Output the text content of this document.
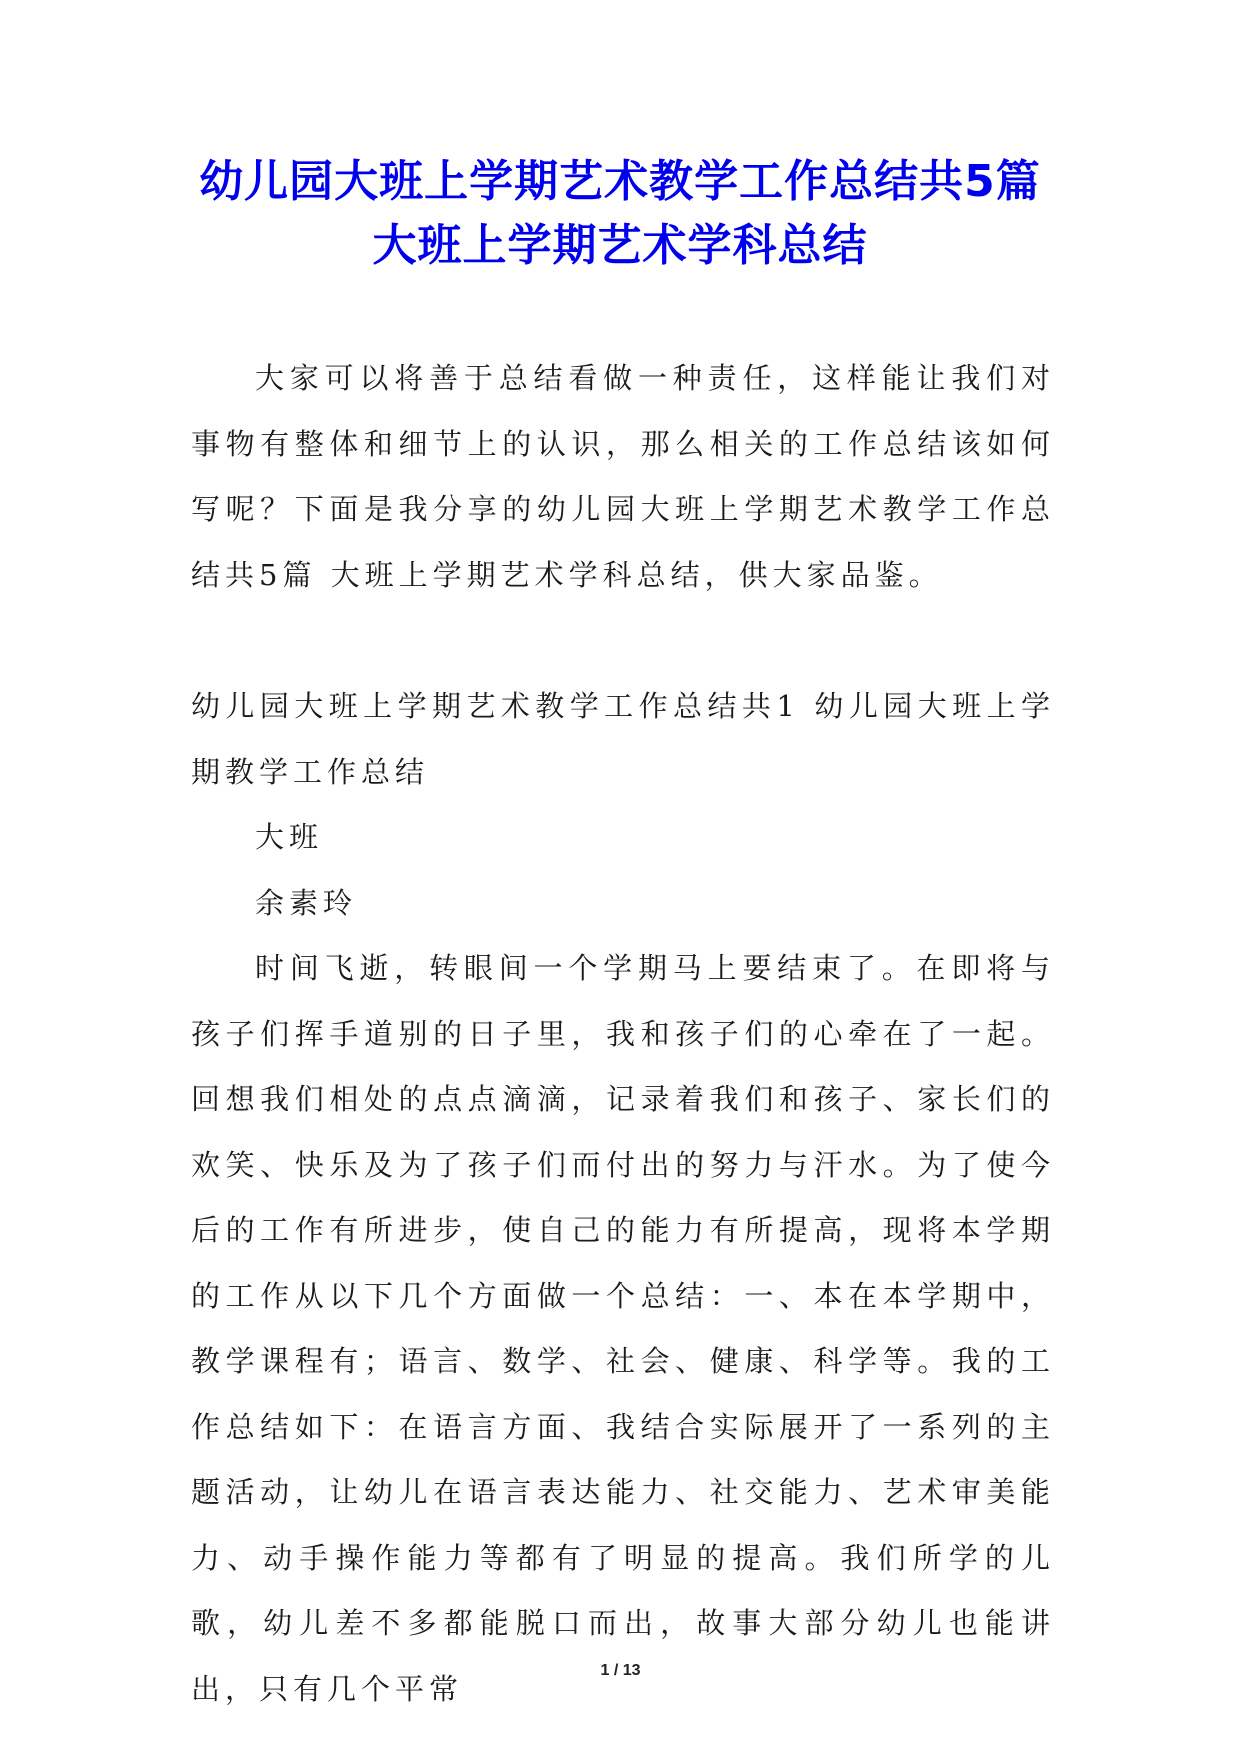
幼儿园大班上学期艺术教学工作总结共5篇
大班上学期艺术学科总结

大家可以将善于总结看做一种责任，这样能让我们对事物有整体和细节上的认识，那么相关的工作总结该如何写呢？下面是我分享的幼儿园大班上学期艺术教学工作总结共5篇 大班上学期艺术学科总结，供大家品鉴。

幼儿园大班上学期艺术教学工作总结共1 幼儿园大班上学期教学工作总结

大班

余素玲

时间飞逝，转眼间一个学期马上要结束了。在即将与孩子们挥手道别的日子里，我和孩子们的心牵在了一起。回想我们相处的点点滴滴，记录着我们和孩子、家长们的欢笑、快乐及为了孩子们而付出的努力与汗水。为了使今后的工作有所进步，使自己的能力有所提高，现将本学期的工作从以下几个方面做一个总结：一、本在本学期中，教学课程有；语言、数学、社会、健康、科学等。我的工作总结如下：在语言方面、我结合实际展开了一系列的主题活动，让幼儿在语言表达能力、社交能力、艺术审美能力、动手操作能力等都有了明显的提高。我们所学的儿歌，幼儿差不多都能脱口而出，故事大部分幼儿也能讲出，只有几个平常

1 / 13
